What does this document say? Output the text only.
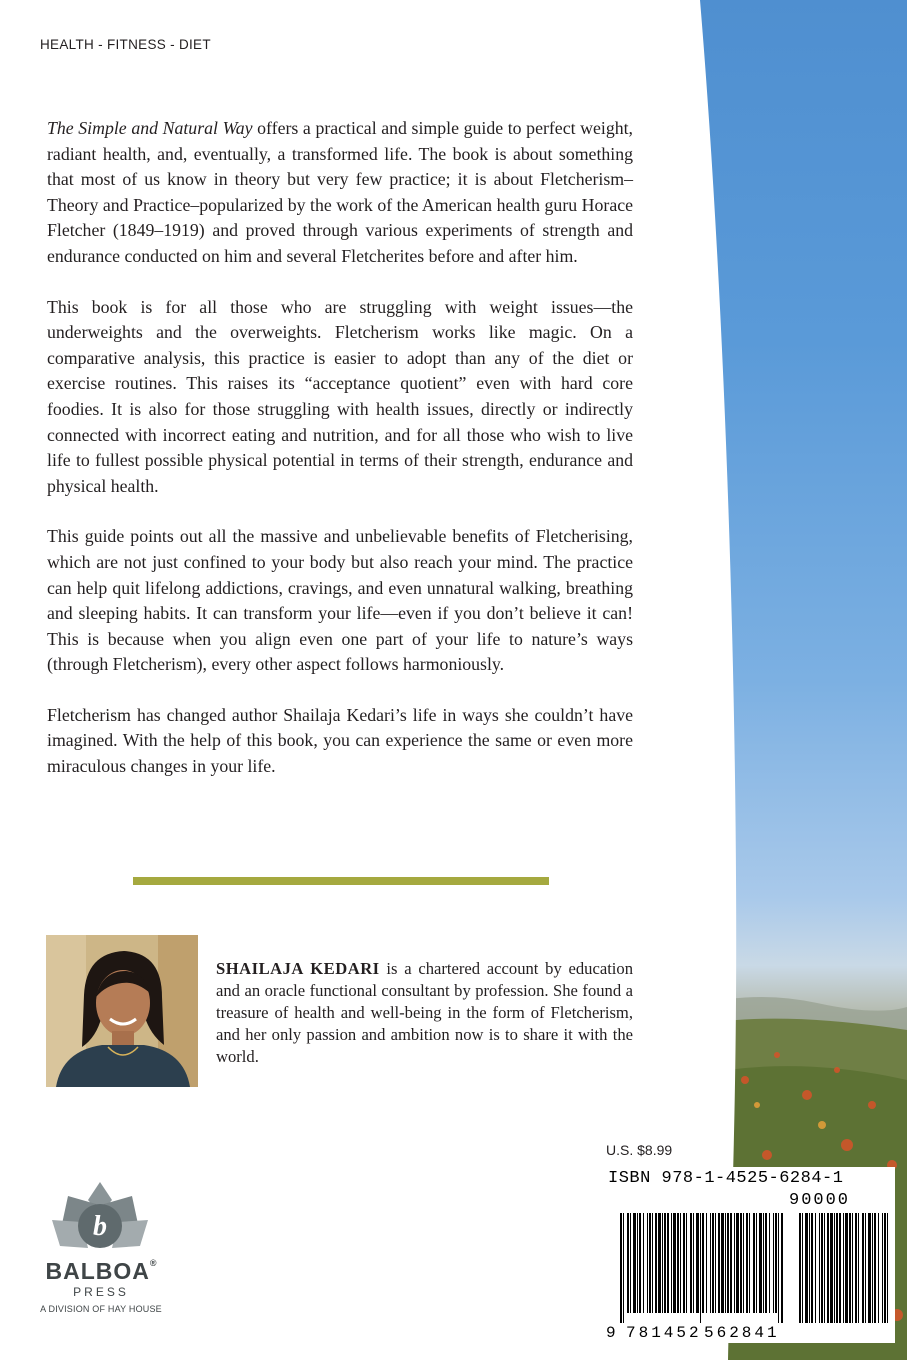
HEALTH - FITNESS - DIET

The Simple and Natural Way offers a practical and simple guide to perfect weight, radiant health, and, eventually, a transformed life. The book is about something that most of us know in theory but very few practice; it is about Fletcherism–Theory and Practice–popularized by the work of the American health guru Horace Fletcher (1849–1919) and proved through various experiments of strength and endurance conducted on him and several Fletcherites before and after him.

This book is for all those who are struggling with weight issues—the underweights and the overweights. Fletcherism works like magic. On a comparative analysis, this practice is easier to adopt than any of the diet or exercise routines. This raises its “acceptance quotient” even with hard core foodies. It is also for those struggling with health issues, directly or indirectly connected with incorrect eating and nutrition, and for all those who wish to live life to fullest possible physical potential in terms of their strength, endurance and physical health.

This guide points out all the massive and unbelievable benefits of Fletcherising, which are not just confined to your body but also reach your mind. The practice can help quit lifelong addictions, cravings, and even unnatural walking, breathing and sleeping habits. It can transform your life—even if you don’t believe it can! This is because when you align even one part of your life to nature’s ways (through Fletcherism), every other aspect follows harmoniously.

Fletcherism has changed author Shailaja Kedari’s life in ways she couldn’t have imagined. With the help of this book, you can experience the same or even more miraculous changes in your life.

SHAILAJA KEDARI is a chartered account by education and an oracle functional consultant by profession. She found a treasure of health and well-being in the form of Fletcherism, and her only passion and ambition now is to share it with the world.

b
BALBOA®
PRESS
A DIVISION OF HAY HOUSE
U.S. $8.99
ISBN 978-1-4525-6284-1
90000
9 781452 562841
